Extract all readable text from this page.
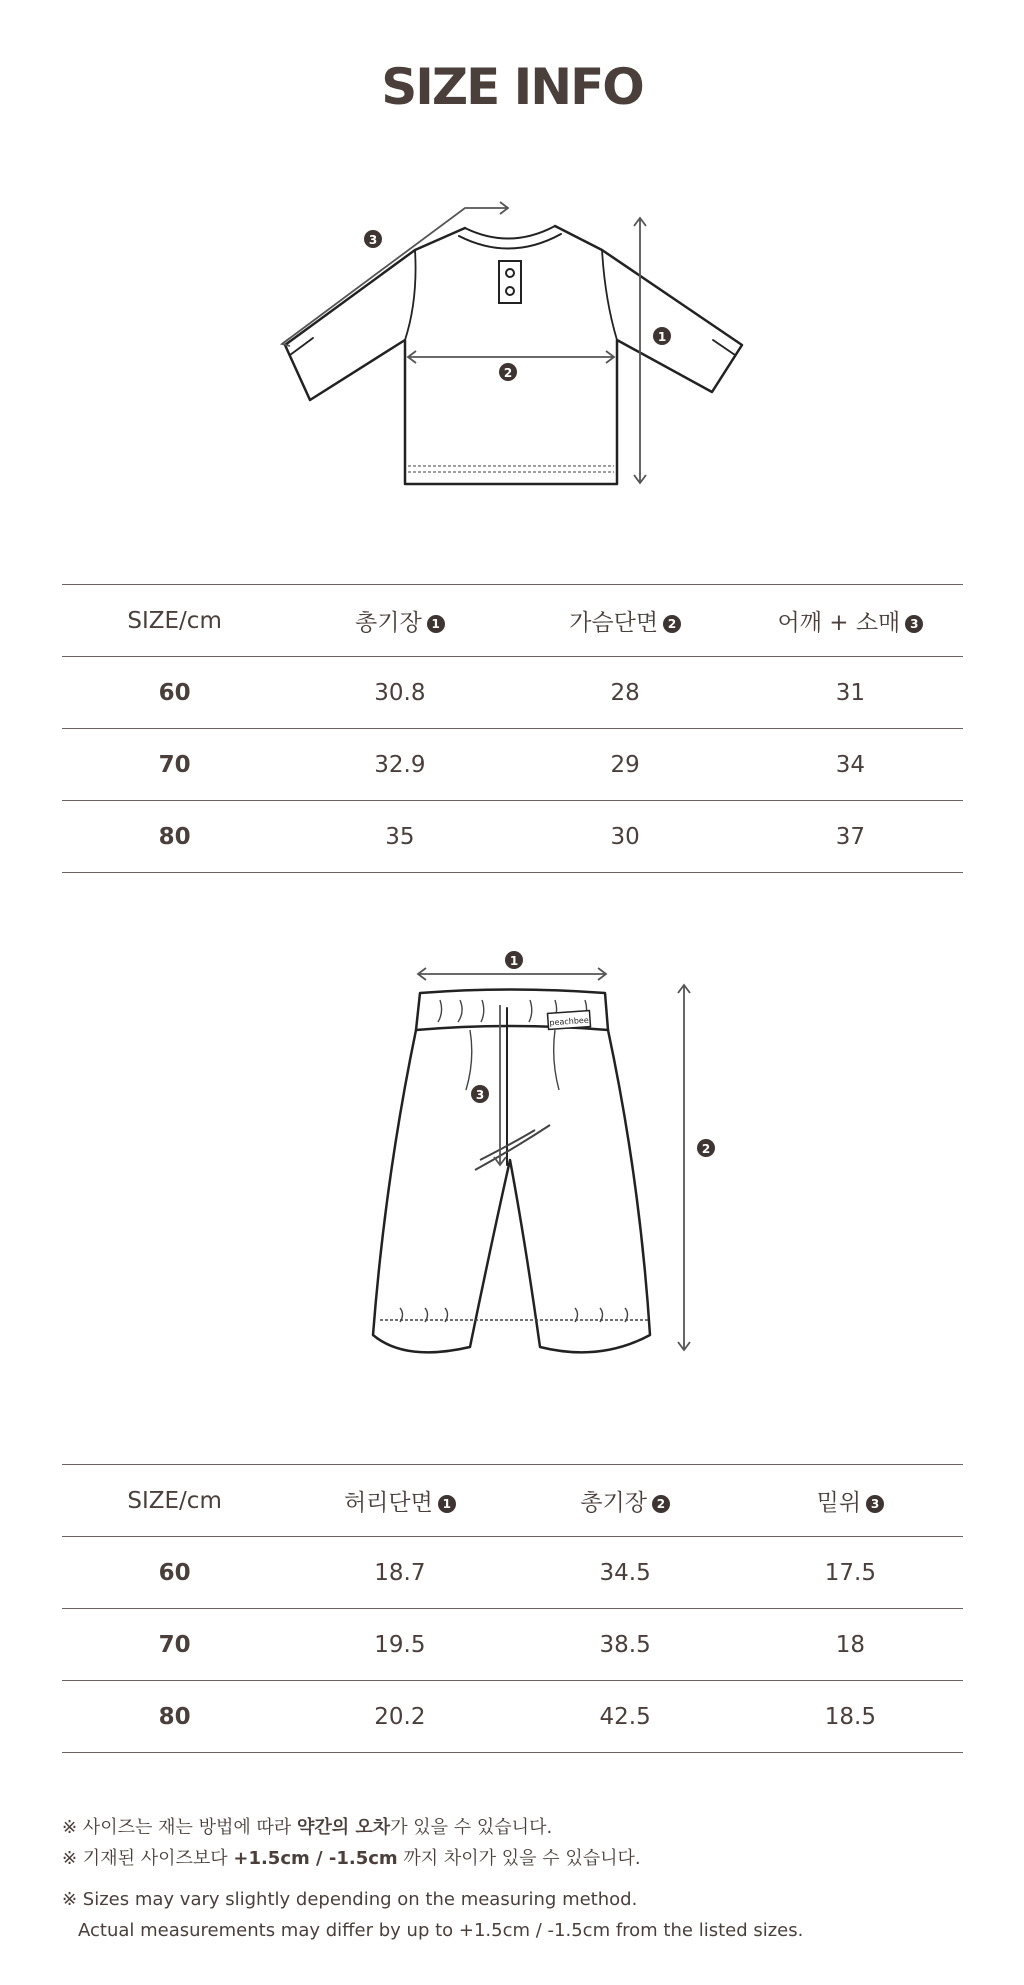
SIZE INFO
1
2
3
SIZE/cm	총기장 1	가슴단면 2	어깨 + 소매 3
60	30.8	28	31
70	32.9	29	34
80	35	30	37
peachbee
1
2
3
SIZE/cm	허리단면 1	총기장 2	밑위 3
60	18.7	34.5	17.5
70	19.5	38.5	18
80	20.2	42.5	18.5
※ 사이즈는 재는 방법에 따라 약간의 오차가 있을 수 있습니다.
※ 기재된 사이즈보다 +1.5cm / -1.5cm 까지 차이가 있을 수 있습니다.
※ Sizes may vary slightly depending on the measuring method.
Actual measurements may differ by up to +1.5cm / -1.5cm from the listed sizes.
